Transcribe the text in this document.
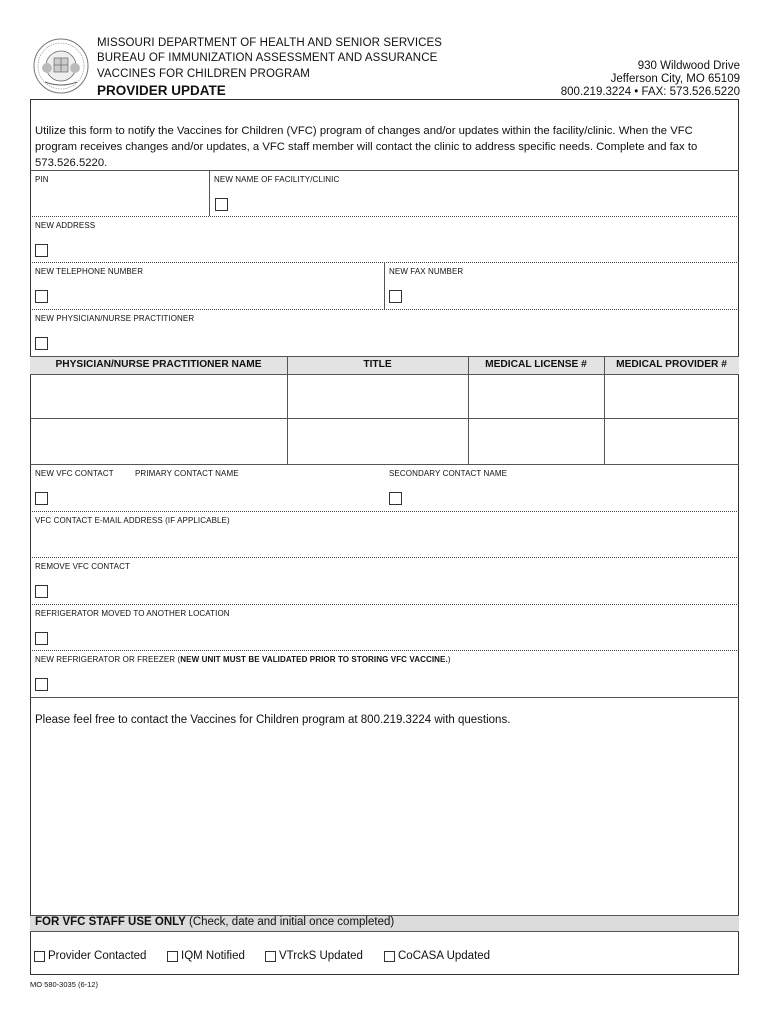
MISSOURI DEPARTMENT OF HEALTH AND SENIOR SERVICES
BUREAU OF IMMUNIZATION ASSESSMENT AND ASSURANCE
VACCINES FOR CHILDREN PROGRAM
PROVIDER UPDATE
930 Wildwood Drive
Jefferson City, MO 65109
800.219.3224 • FAX: 573.526.5220
Utilize this form to notify the Vaccines for Children (VFC) program of changes and/or updates within the facility/clinic. When the VFC program receives changes and/or updates, a VFC staff member will contact the clinic to address specific needs. Complete and fax to 573.526.5220.
PIN	NEW NAME OF FACILITY/CLINIC
NEW ADDRESS
NEW TELEPHONE NUMBER	NEW FAX NUMBER
NEW PHYSICIAN/NURSE PRACTITIONER
PHYSICIAN/NURSE PRACTITIONER NAME	TITLE	MEDICAL LICENSE #	MEDICAL PROVIDER #
NEW VFC CONTACT	PRIMARY CONTACT NAME	SECONDARY CONTACT NAME
VFC CONTACT E-MAIL ADDRESS (IF APPLICABLE)
REMOVE VFC CONTACT
REFRIGERATOR MOVED TO ANOTHER LOCATION
NEW REFRIGERATOR OR FREEZER (NEW UNIT MUST BE VALIDATED PRIOR TO STORING VFC VACCINE.)
Please feel free to contact the Vaccines for Children program at 800.219.3224 with questions.
FOR VFC STAFF USE ONLY (Check, date and initial once completed)
Provider Contacted	IQM Notified	VTrckS Updated	CoCASA Updated
MO 580-3035 (6-12)
